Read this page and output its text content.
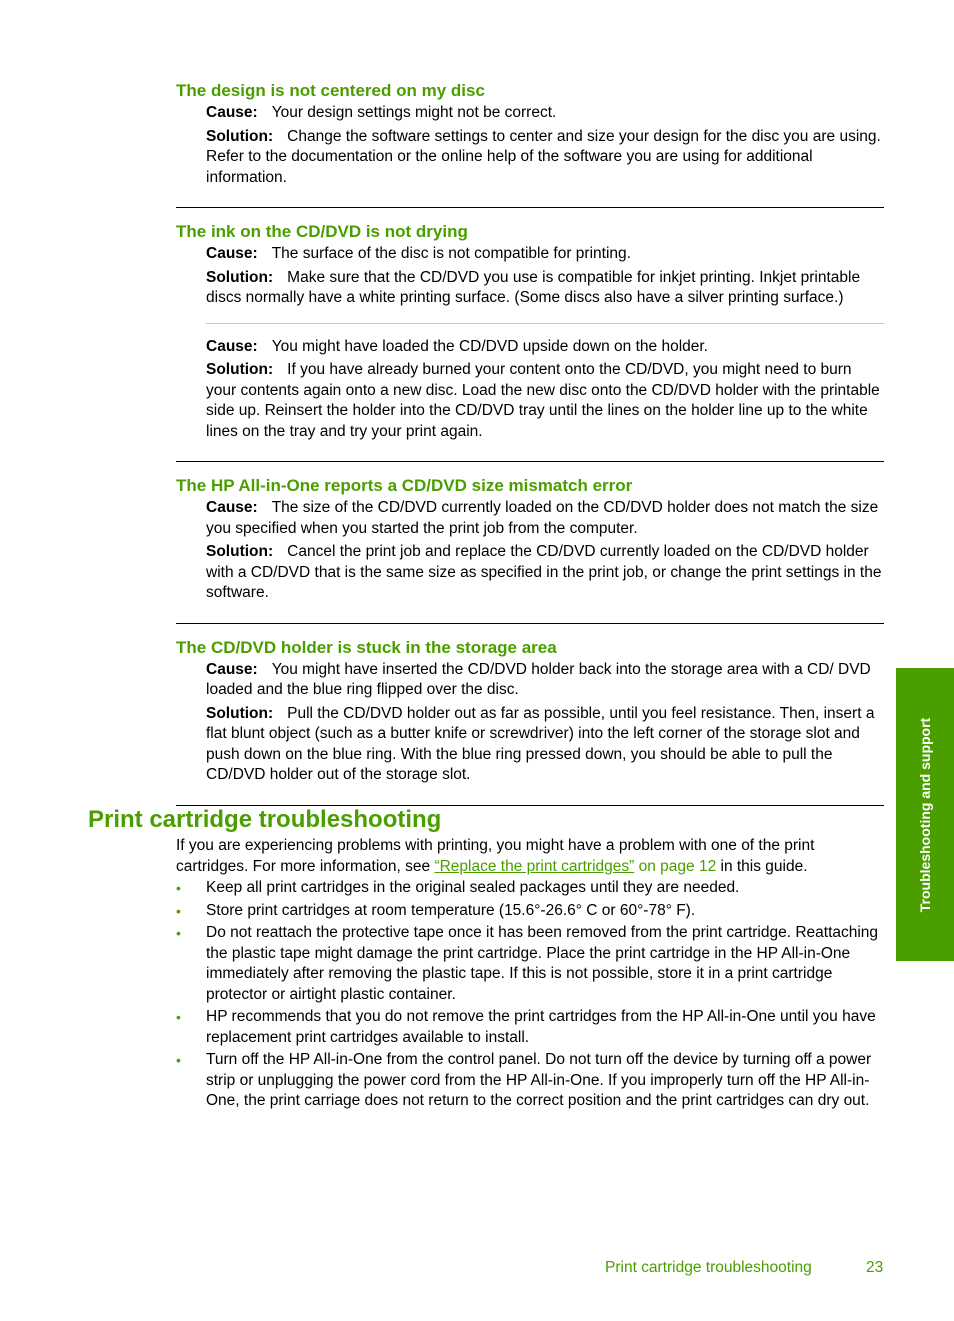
The design is not centered on my disc

Cause: Your design settings might not be correct.

Solution: Change the software settings to center and size your design for the disc you are using. Refer to the documentation or the online help of the software you are using for additional information.

The ink on the CD/DVD is not drying

Cause: The surface of the disc is not compatible for printing.

Solution: Make sure that the CD/DVD you use is compatible for inkjet printing. Inkjet printable discs normally have a white printing surface. (Some discs also have a silver printing surface.)

Cause: You might have loaded the CD/DVD upside down on the holder.

Solution: If you have already burned your content onto the CD/DVD, you might need to burn your contents again onto a new disc. Load the new disc onto the CD/DVD holder with the printable side up. Reinsert the holder into the CD/DVD tray until the lines on the holder line up to the white lines on the tray and try your print again.

The HP All-in-One reports a CD/DVD size mismatch error

Cause: The size of the CD/DVD currently loaded on the CD/DVD holder does not match the size you specified when you started the print job from the computer.

Solution: Cancel the print job and replace the CD/DVD currently loaded on the CD/DVD holder with a CD/DVD that is the same size as specified in the print job, or change the print settings in the software.

The CD/DVD holder is stuck in the storage area

Cause: You might have inserted the CD/DVD holder back into the storage area with a CD/ DVD loaded and the blue ring flipped over the disc.

Solution: Pull the CD/DVD holder out as far as possible, until you feel resistance. Then, insert a flat blunt object (such as a butter knife or screwdriver) into the left corner of the storage slot and push down on the blue ring. With the blue ring pressed down, you should be able to pull the CD/DVD holder out of the storage slot.

Print cartridge troubleshooting

If you are experiencing problems with printing, you might have a problem with one of the print cartridges. For more information, see “Replace the print cartridges” on page 12 in this guide.

• Keep all print cartridges in the original sealed packages until they are needed.
• Store print cartridges at room temperature (15.6°-26.6° C or 60°-78° F).
• Do not reattach the protective tape once it has been removed from the print cartridge. Reattaching the plastic tape might damage the print cartridge. Place the print cartridge in the HP All-in-One immediately after removing the plastic tape. If this is not possible, store it in a print cartridge protector or airtight plastic container.
• HP recommends that you do not remove the print cartridges from the HP All-in-One until you have replacement print cartridges available to install.
• Turn off the HP All-in-One from the control panel. Do not turn off the device by turning off a power strip or unplugging the power cord from the HP All-in-One. If you improperly turn off the HP All-in-One, the print carriage does not return to the correct position and the print cartridges can dry out.
Troubleshooting and support
Print cartridge troubleshooting	23
